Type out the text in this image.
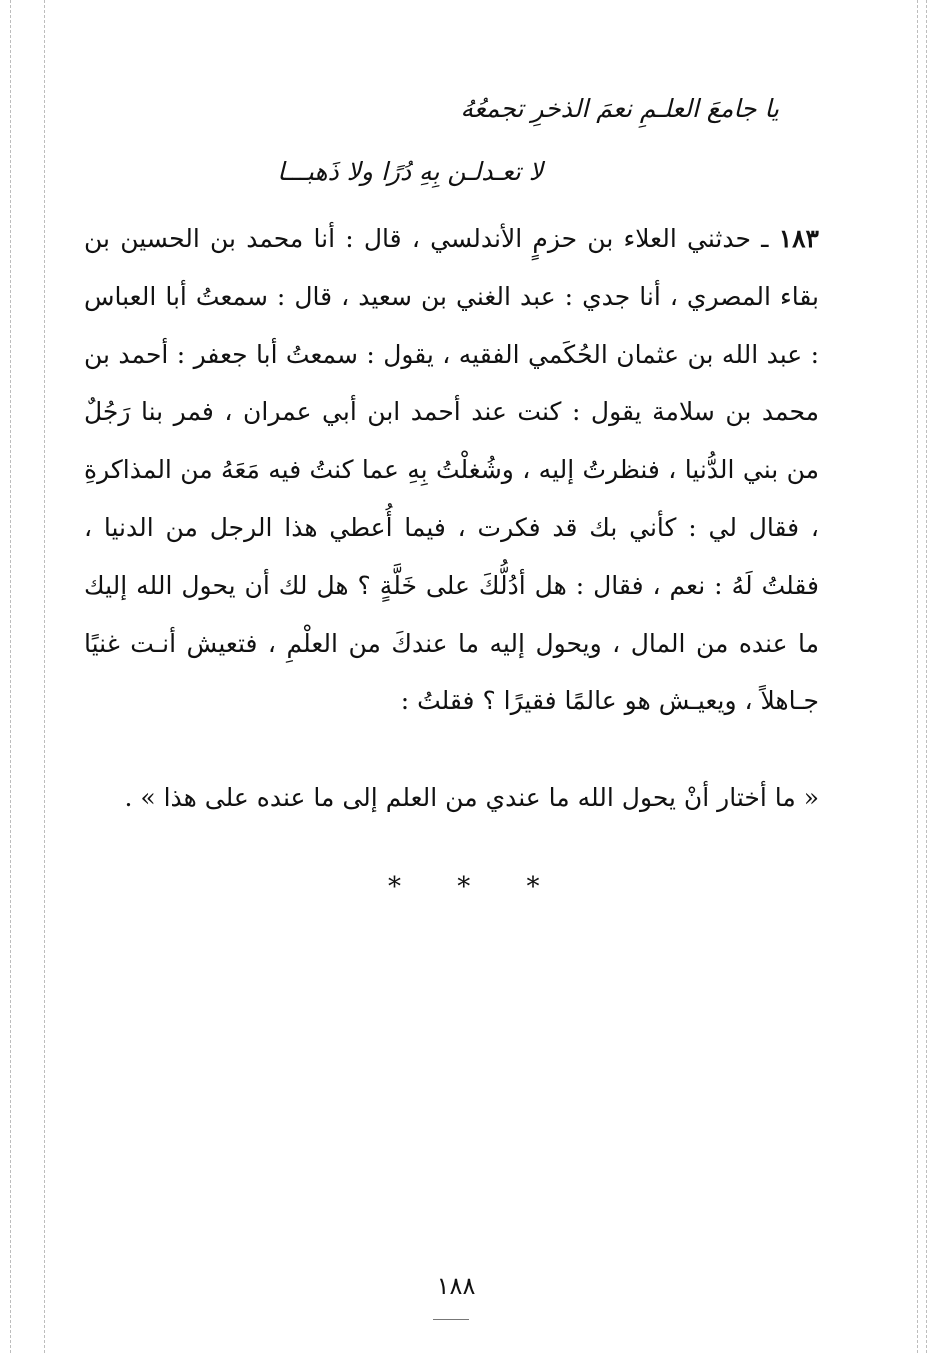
يا جامعَ العلـمِ نعمَ الذخرِ تجمعُهُ
لا تعـدلـن بِهِ دُرًا ولا ذَهبـــا
١٨٣ ـ حدثني العلاء بن حزمٍ الأندلسي ، قال : أنا محمد بن الحسين بن بقاء المصري ، أنا جدي : عبد الغني بن سعيد ، قال : سمعتُ أبا العباس : عبد الله بن عثمان الحُكَمي الفقيه ، يقول : سمعتُ أبا جعفر : أحمد بن محمد بن سلامة يقول : كنت عند أحمد ابن أبي عمران ، فمر بنا رَجُلٌ من بني الدُّنيا ، فنظرتُ إليه ، وشُغلْتُ بِهِ عما كنتُ فيه مَعَهُ من المذاكرةِ ، فقال لي : كأني بك قد فكرت ، فيما أُعطي هذا الرجل من الدنيا ، فقلتُ لَهُ : نعم ، فقال : هل أدُلُّكَ على خَلَّةٍ ؟ هل لك أن يحول الله إليك ما عنده من المال ، ويحول إليه ما عندكَ من العلْمِ ، فتعيش أنـت غنيًا جـاهلاً ، ويعيـش هو عالمًا فقيرًا ؟ فقلتُ :
« ما أختار أنْ يحول الله ما عندي من العلم إلى ما عنده على هذا » .
* * *
١٨٨
